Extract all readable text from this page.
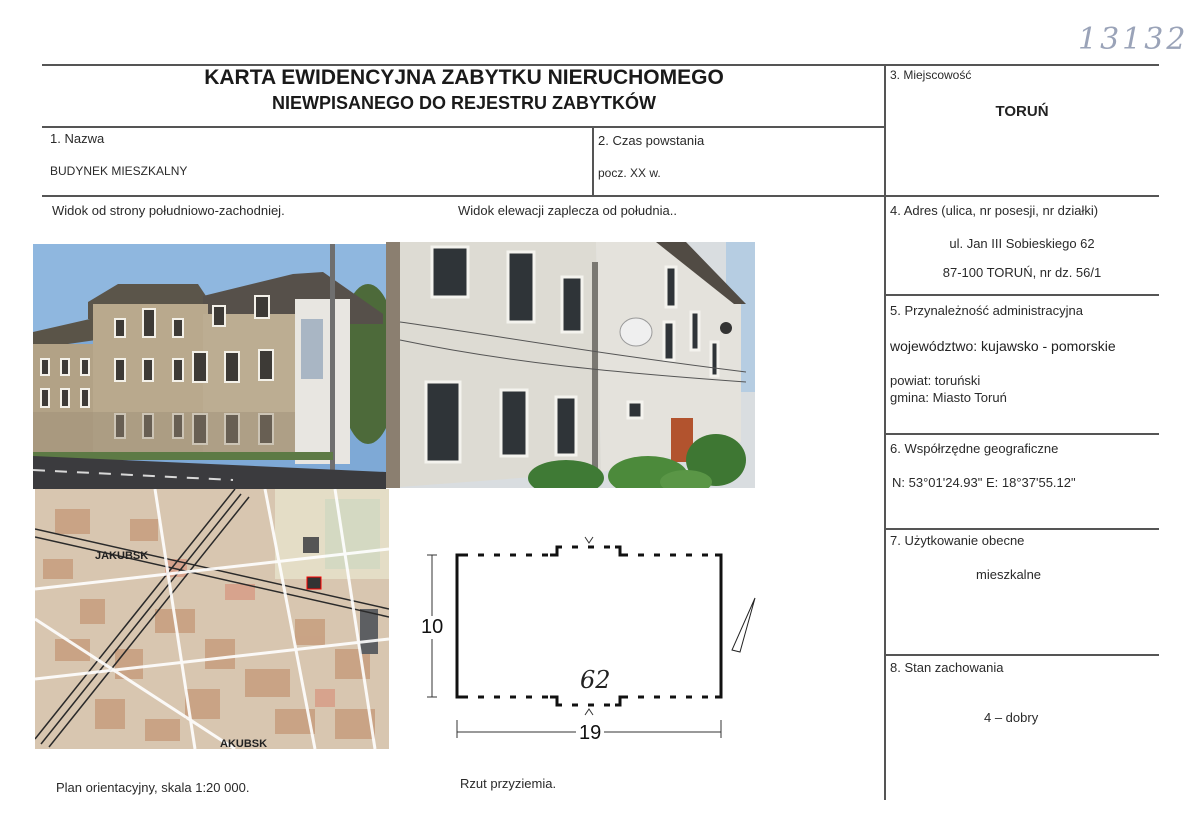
13132
KARTA EWIDENCYJNA ZABYTKU NIERUCHOMEGO
NIEWPISANEGO DO REJESTRU ZABYTKÓW
1. Nazwa
BUDYNEK MIESZKALNY
2. Czas powstania
pocz. XX w.
3. Miejscowość
TORUŃ
4. Adres (ulica, nr posesji, nr działki)
ul. Jan III Sobieskiego 62
87-100 TORUŃ, nr dz. 56/1
5. Przynależność administracyjna
województwo: kujawsko - pomorskie
powiat: toruński
gmina: Miasto Toruń
6. Współrzędne geograficzne
N: 53°01'24.93" E: 18°37'55.12"
7. Użytkowanie obecne
mieszkalne
8. Stan zachowania
4 – dobry
Widok od strony południowo-zachodniej.	Widok elewacji zaplecza od południa..
Plan orientacyjny, skala 1:20 000.	Rzut przyziemia.
JAKUBSK
AKUBSK
10
19
62
